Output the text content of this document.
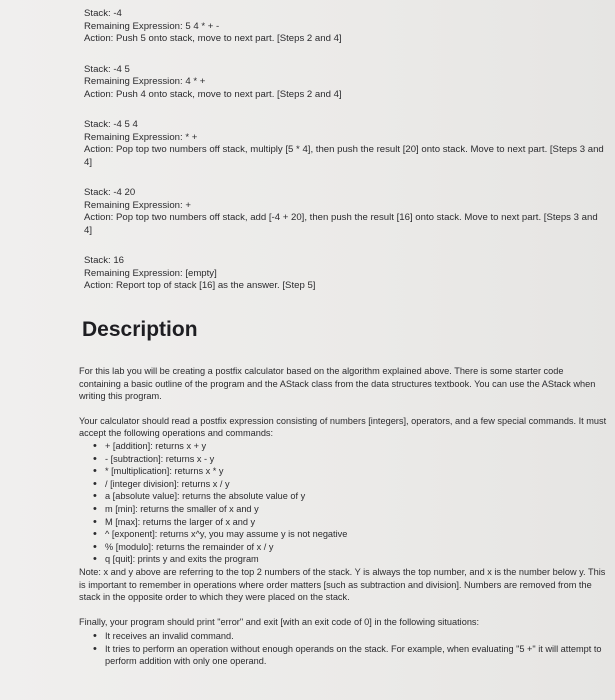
Stack: -4
Remaining Expression: 5 4 * + -
Action: Push 5 onto stack, move to next part. [Steps 2 and 4]
Stack: -4 5
Remaining Expression: 4 * +
Action: Push 4 onto stack, move to next part. [Steps 2 and 4]
Stack: -4 5 4
Remaining Expression: * +
Action: Pop top two numbers off stack, multiply [5 * 4], then push the result [20] onto stack. Move to next part. [Steps 3 and 4]
Stack: -4 20
Remaining Expression: +
Action: Pop top two numbers off stack, add [-4 + 20], then push the result [16] onto stack. Move to next part. [Steps 3 and 4]
Stack: 16
Remaining Expression: [empty]
Action: Report top of stack [16] as the answer. [Step 5]
Description

For this lab you will be creating a postfix calculator based on the algorithm explained above. There is some starter code containing a basic outline of the program and the AStack class from the data structures textbook. You can use the AStack when writing this program.

Your calculator should read a postfix expression consisting of numbers [integers], operators, and a few special commands. It must accept the following operations and commands:

• + [addition]: returns x + y
• - [subtraction]: returns x - y
• * [multiplication]: returns x * y
• / [integer division]: returns x / y
• a [absolute value]: returns the absolute value of y
• m [min]: returns the smaller of x and y
• M [max]: returns the larger of x and y
• ^ [exponent]: returns x^y, you may assume y is not negative
• % [modulo]: returns the remainder of x / y
• q [quit]: prints y and exits the program

Note: x and y above are referring to the top 2 numbers of the stack. Y is always the top number, and x is the number below y. This is important to remember in operations where order matters [such as subtraction and division]. Numbers are removed from the stack in the opposite order to which they were placed on the stack.

Finally, your program should print "error" and exit [with an exit code of 0] in the following situations:

• It receives an invalid command.
• It tries to perform an operation without enough operands on the stack. For example, when evaluating "5 +" it will attempt to perform addition with only one operand.
